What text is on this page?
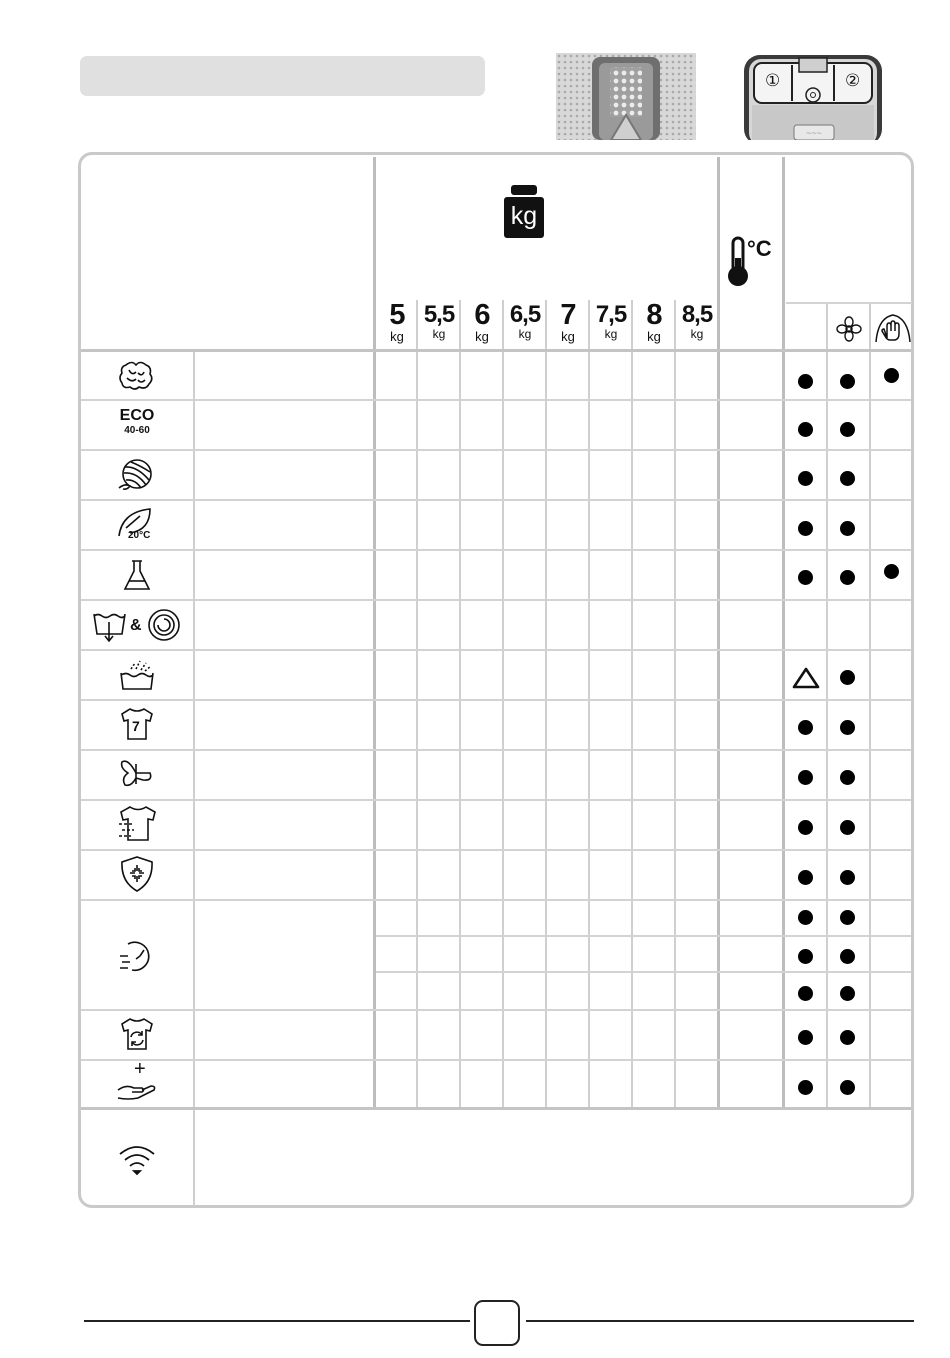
~~~
①	②
kg
°C
5
kg
5,5
kg
6
kg
6,5
kg
7
kg
7,5
kg
8
kg
8,5
kg
ECO
40-60
20°C
&
7
+
